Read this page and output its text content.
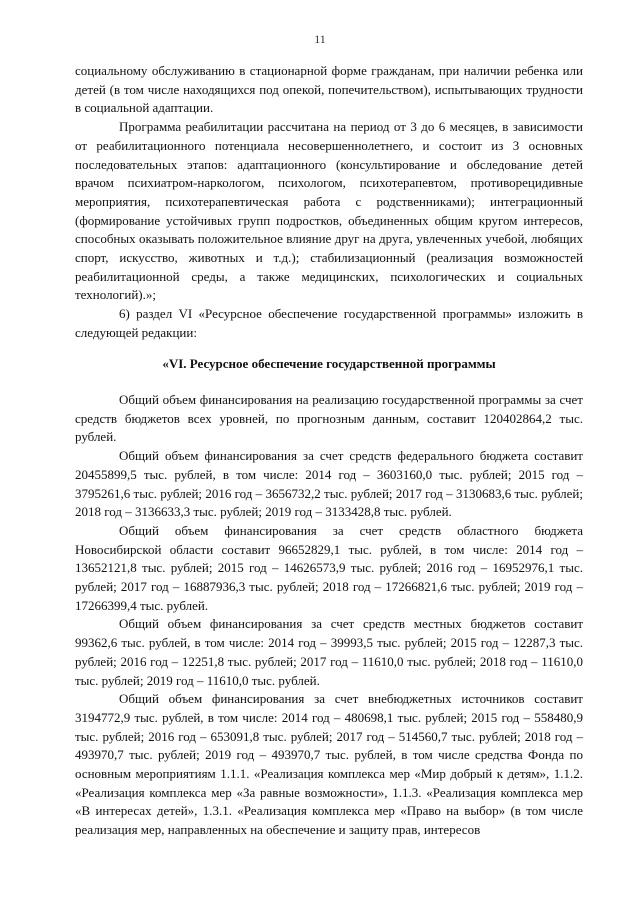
11

социальному обслуживанию в стационарной форме гражданам, при наличии ребенка или детей (в том числе находящихся под опекой, попечительством), испытывающих трудности в социальной адаптации.

Программа реабилитации рассчитана на период от 3 до 6 месяцев, в зависимости от реабилитационного потенциала несовершеннолетнего, и состоит из 3 основных последовательных этапов: адаптационного (консультирование и обследование детей врачом психиатром-наркологом, психологом, психотерапевтом, противорецидивные мероприятия, психотерапевтическая работа с родственниками); интеграционный (формирование устойчивых групп подростков, объединенных общим кругом интересов, способных оказывать положительное влияние друг на друга, увлеченных учебой, любящих спорт, искусство, животных и т.д.); стабилизационный (реализация возможностей реабилитационной среды, а также медицинских, психологических и социальных технологий).»;

6) раздел VI «Ресурсное обеспечение государственной программы» изложить в следующей редакции:

«VI. Ресурсное обеспечение государственной программы

Общий объем финансирования на реализацию государственной программы за счет средств бюджетов всех уровней, по прогнозным данным, составит 120402864,2 тыс. рублей.

Общий объем финансирования за счет средств федерального бюджета составит 20455899,5 тыс. рублей, в том числе: 2014 год – 3603160,0 тыс. рублей; 2015 год – 3795261,6 тыс. рублей; 2016 год – 3656732,2 тыс. рублей; 2017 год – 3130683,6 тыс. рублей; 2018 год – 3136633,3 тыс. рублей; 2019 год – 3133428,8 тыс. рублей.

Общий объем финансирования за счет средств областного бюджета Новосибирской области составит 96652829,1 тыс. рублей, в том числе: 2014 год – 13652121,8 тыс. рублей; 2015 год – 14626573,9 тыс. рублей; 2016 год – 16952976,1 тыс. рублей; 2017 год – 16887936,3 тыс. рублей; 2018 год – 17266821,6 тыс. рублей; 2019 год – 17266399,4 тыс. рублей.

Общий объем финансирования за счет средств местных бюджетов составит 99362,6 тыс. рублей, в том числе: 2014 год – 39993,5 тыс. рублей; 2015 год – 12287,3 тыс. рублей; 2016 год – 12251,8 тыс. рублей; 2017 год – 11610,0 тыс. рублей; 2018 год – 11610,0 тыс. рублей; 2019 год – 11610,0 тыс. рублей.

Общий объем финансирования за счет внебюджетных источников составит 3194772,9 тыс. рублей, в том числе: 2014 год – 480698,1 тыс. рублей; 2015 год – 558480,9 тыс. рублей; 2016 год – 653091,8 тыс. рублей; 2017 год – 514560,7 тыс. рублей; 2018 год – 493970,7 тыс. рублей; 2019 год – 493970,7 тыс. рублей, в том числе средства Фонда по основным мероприятиям 1.1.1. «Реализация комплекса мер «Мир добрый к детям», 1.1.2. «Реализация комплекса мер «За равные возможности», 1.1.3. «Реализация комплекса мер «В интересах детей», 1.3.1. «Реализация комплекса мер «Право на выбор» (в том числе реализация мер, направленных на обеспечение и защиту прав, интересов
